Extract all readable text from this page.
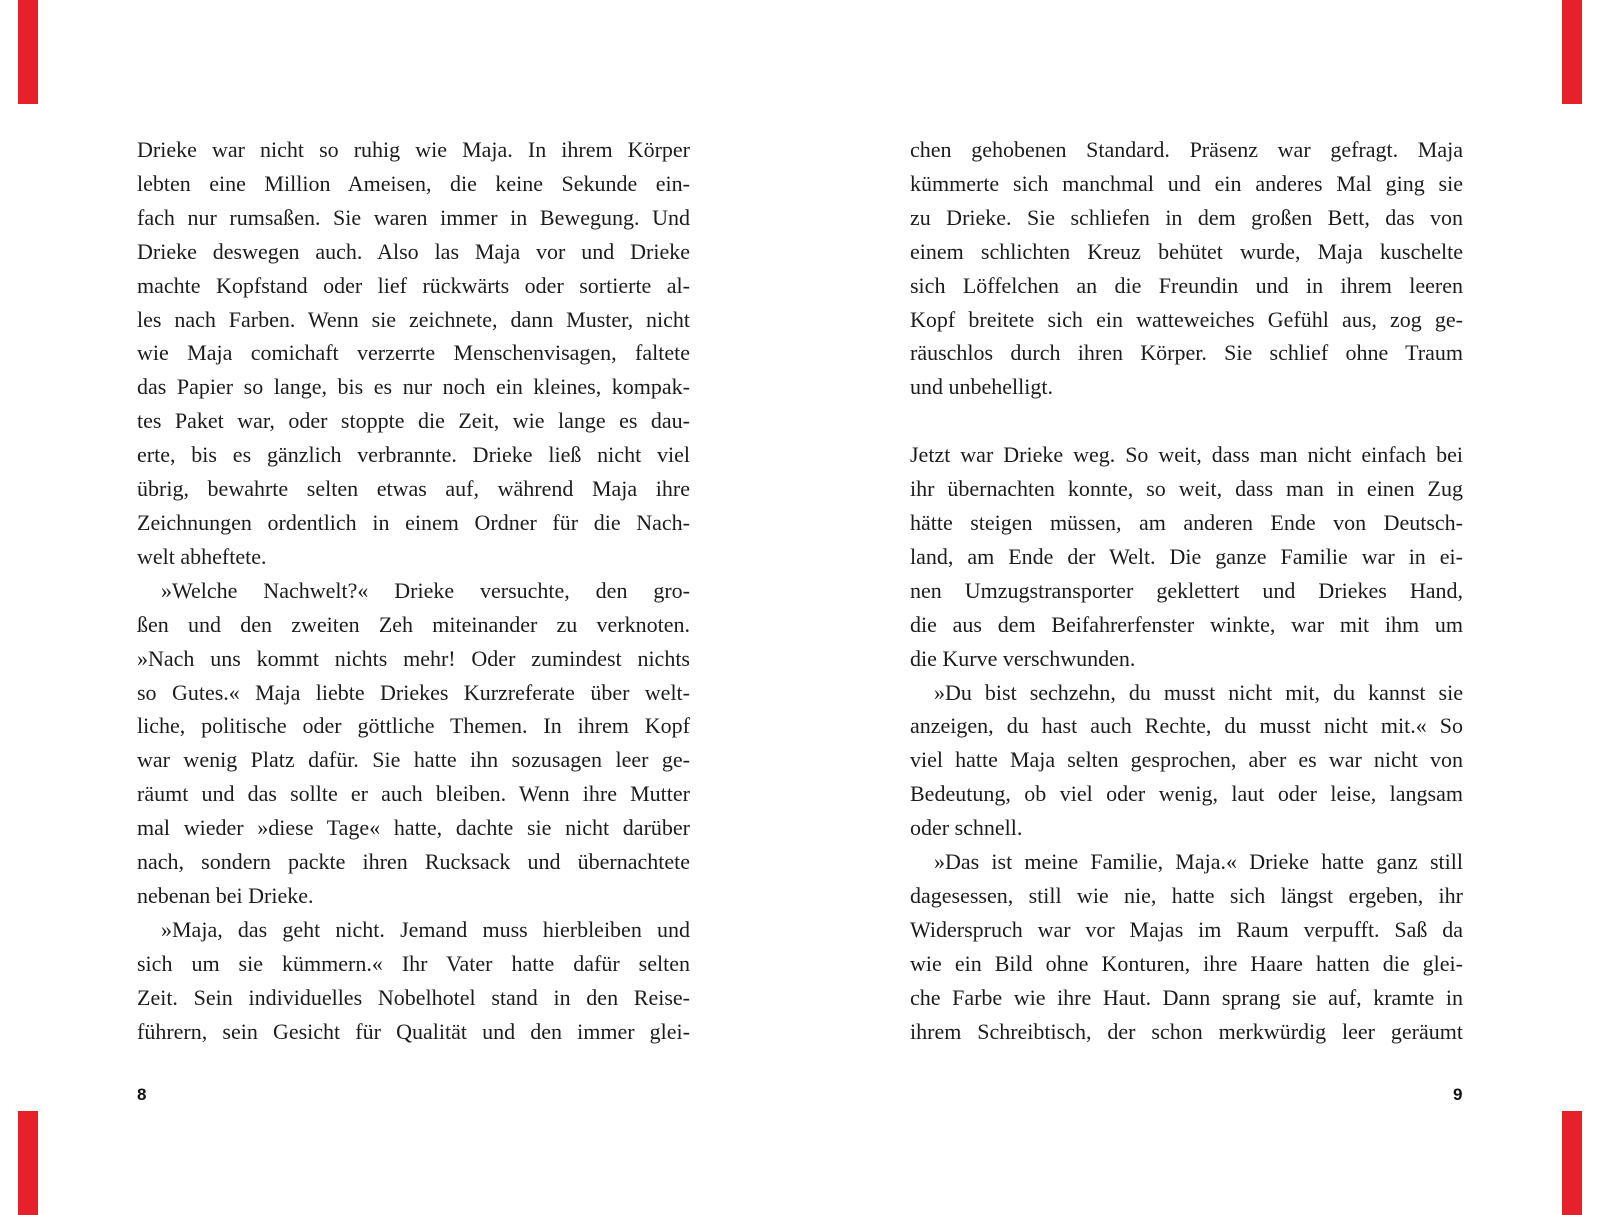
Drieke war nicht so ruhig wie Maja. In ihrem Körper
lebten eine Million Ameisen, die keine Sekunde ein-
fach nur rumsaßen. Sie waren immer in Bewegung. Und
Drieke deswegen auch. Also las Maja vor und Drieke
machte Kopfstand oder lief rückwärts oder sortierte al-
les nach Farben. Wenn sie zeichnete, dann Muster, nicht
wie Maja comichaft verzerrte Menschenvisagen, faltete
das Papier so lange, bis es nur noch ein kleines, kompak-
tes Paket war, oder stoppte die Zeit, wie lange es dau-
erte, bis es gänzlich verbrannte. Drieke ließ nicht viel
übrig, bewahrte selten etwas auf, während Maja ihre
Zeichnungen ordentlich in einem Ordner für die Nach-
welt abheftete.
»Welche Nachwelt?« Drieke versuchte, den gro-
ßen und den zweiten Zeh miteinander zu verknoten.
»Nach uns kommt nichts mehr! Oder zumindest nichts
so Gutes.« Maja liebte Driekes Kurzreferate über welt-
liche, politische oder göttliche Themen. In ihrem Kopf
war wenig Platz dafür. Sie hatte ihn sozusagen leer ge-
räumt und das sollte er auch bleiben. Wenn ihre Mutter
mal wieder »diese Tage« hatte, dachte sie nicht darüber
nach, sondern packte ihren Rucksack und übernachtete
nebenan bei Drieke.
»Maja, das geht nicht. Jemand muss hierbleiben und
sich um sie kümmern.« Ihr Vater hatte dafür selten
Zeit. Sein individuelles Nobelhotel stand in den Reise-
führern, sein Gesicht für Qualität und den immer glei-
8
chen gehobenen Standard. Präsenz war gefragt. Maja
kümmerte sich manchmal und ein anderes Mal ging sie
zu Drieke. Sie schliefen in dem großen Bett, das von
einem schlichten Kreuz behütet wurde, Maja kuschelte
sich Löffelchen an die Freundin und in ihrem leeren
Kopf breitete sich ein watteweiches Gefühl aus, zog ge-
räuschlos durch ihren Körper. Sie schlief ohne Traum
und unbehelligt.

Jetzt war Drieke weg. So weit, dass man nicht einfach bei
ihr übernachten konnte, so weit, dass man in einen Zug
hätte steigen müssen, am anderen Ende von Deutsch-
land, am Ende der Welt. Die ganze Familie war in ei-
nen Umzugstransporter geklettert und Driekes Hand,
die aus dem Beifahrerfenster winkte, war mit ihm um
die Kurve verschwunden.
»Du bist sechzehn, du musst nicht mit, du kannst sie
anzeigen, du hast auch Rechte, du musst nicht mit.« So
viel hatte Maja selten gesprochen, aber es war nicht von
Bedeutung, ob viel oder wenig, laut oder leise, langsam
oder schnell.
»Das ist meine Familie, Maja.« Drieke hatte ganz still
dagesessen, still wie nie, hatte sich längst ergeben, ihr
Widerspruch war vor Majas im Raum verpufft. Saß da
wie ein Bild ohne Konturen, ihre Haare hatten die glei-
che Farbe wie ihre Haut. Dann sprang sie auf, kramte in
ihrem Schreibtisch, der schon merkwürdig leer geräumt
9
